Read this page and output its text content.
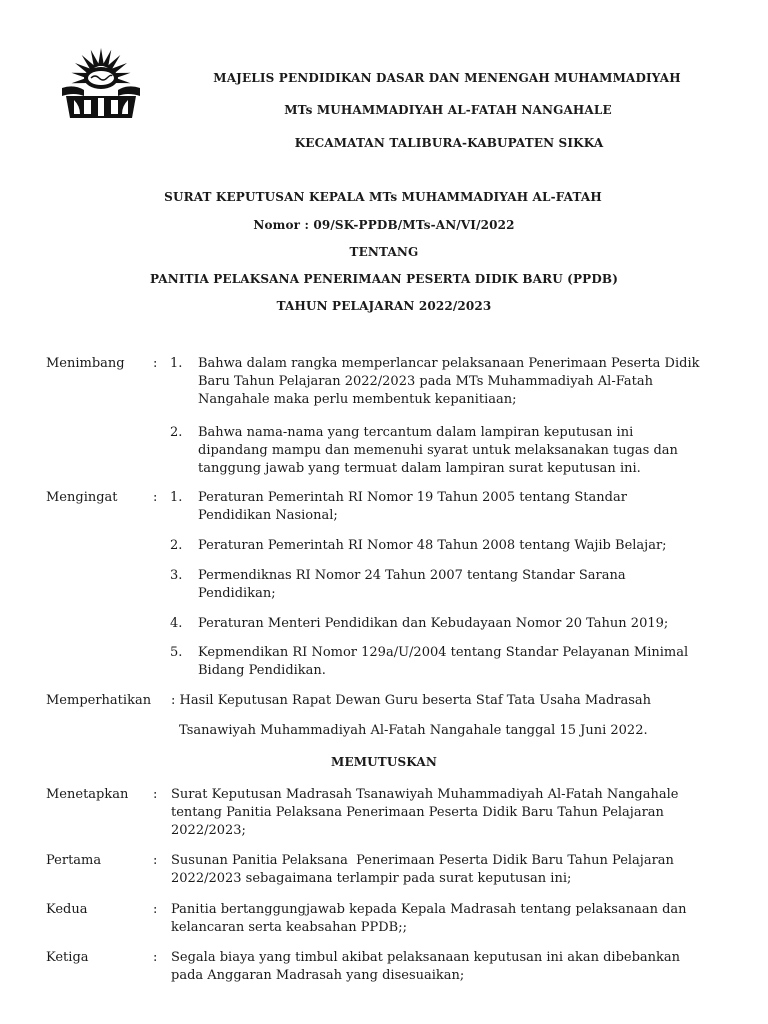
MAJELIS PENDIDIKAN DASAR DAN MENENGAH MUHAMMADIYAH
MTs MUHAMMADIYAH AL-FATAH NANGAHALE
KECAMATAN TALIBURA-KABUPATEN SIKKA
SURAT KEPUTUSAN KEPALA MTs MUHAMMADIYAH AL-FATAH
Nomor : 09/SK-PPDB/MTs-AN/VI/2022
TENTANG
PANITIA PELAKSANA PENERIMAAN PESERTA DIDIK BARU (PPDB)
TAHUN PELAJARAN 2022/2023
Menimbang : 1. Bahwa dalam rangka memperlancar pelaksanaan Penerimaan Peserta Didik
Baru Tahun Pelajaran 2022/2023 pada MTs Muhammadiyah Al-Fatah
Nangahale maka perlu membentuk kepanitiaan;
2. Bahwa nama-nama yang tercantum dalam lampiran keputusan ini
dipandang mampu dan memenuhi syarat untuk melaksanakan tugas dan
tanggung jawab yang termuat dalam lampiran surat keputusan ini.
Mengingat	: 1. Peraturan Pemerintah RI Nomor 19 Tahun 2005 tentang Standar
Pendidikan Nasional;
2. Peraturan Pemerintah RI Nomor 48 Tahun 2008 tentang Wajib Belajar;
3. Permendiknas RI Nomor 24 Tahun 2007 tentang Standar Sarana
Pendidikan;
4. Peraturan Menteri Pendidikan dan Kebudayaan Nomor 20 Tahun 2019;
5. Kepmendikan RI Nomor 129a/U/2004 tentang Standar Pelayanan Minimal
Bidang Pendidikan.
Memperhatikan : Hasil Keputusan Rapat Dewan Guru beserta Staf Tata Usaha Madrasah
Tsanawiyah Muhammadiyah Al-Fatah Nangahale tanggal 15 Juni 2022.
MEMUTUSKAN
Menetapkan : Surat Keputusan Madrasah Tsanawiyah Muhammadiyah Al-Fatah Nangahale
tentang Panitia Pelaksana Penerimaan Peserta Didik Baru Tahun Pelajaran
2022/2023;
Pertama	: Susunan Panitia Pelaksana  Penerimaan Peserta Didik Baru Tahun Pelajaran
2022/2023 sebagaimana terlampir pada surat keputusan ini;
Kedua	: Panitia bertanggungjawab kepada Kepala Madrasah tentang pelaksanaan dan
kelancaran serta keabsahan PPDB;;
Ketiga	: Segala biaya yang timbul akibat pelaksanaan keputusan ini akan dibebankan
pada Anggaran Madrasah yang disesuaikan;
